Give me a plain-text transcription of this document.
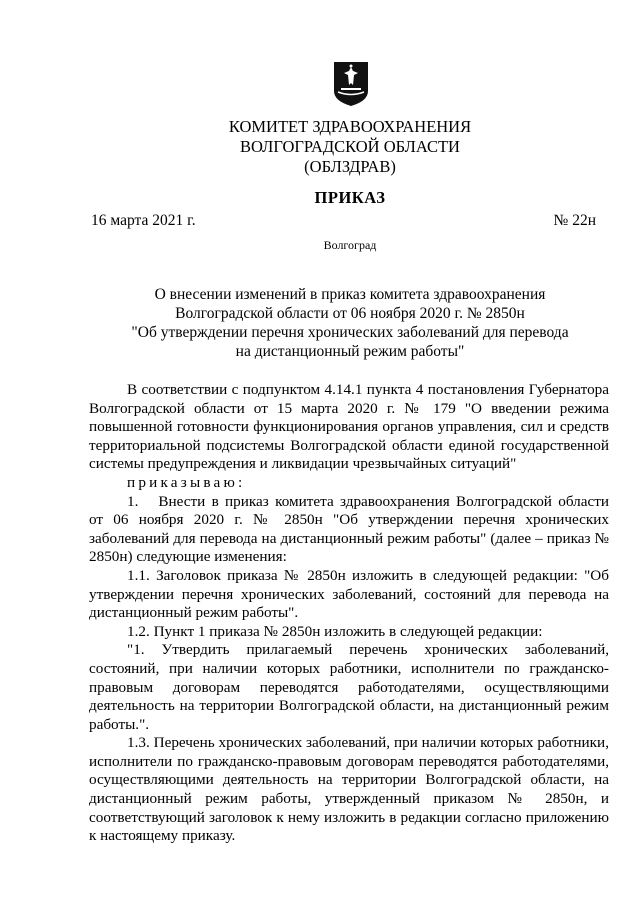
КОМИТЕТ ЗДРАВООХРАНЕНИЯ
ВОЛГОГРАДСКОЙ ОБЛАСТИ
(ОБЛЗДРАВ)
ПРИКАЗ
16 марта 2021 г.	№ 22н
Волгоград
О внесении изменений в приказ комитета здравоохранения
Волгоградской области от 06 ноября 2020 г. № 2850н
"Об утверждении перечня хронических заболеваний для перевода
на дистанционный режим работы"

В соответствии с подпунктом 4.14.1 пункта 4 постановления Губернатора Волгоградской области от 15 марта 2020 г. № 179 "О введении режима повышенной готовности функционирования органов управления, сил и средств территориальной подсистемы Волгоградской области единой государственной системы предупреждения и ликвидации чрезвычайных ситуаций"

приказываю:

1. Внести в приказ комитета здравоохранения Волгоградской области от 06 ноября 2020 г. № 2850н "Об утверждении перечня хронических заболеваний для перевода на дистанционный режим работы" (далее – приказ № 2850н) следующие изменения:

1.1. Заголовок приказа № 2850н изложить в следующей редакции: "Об утверждении перечня хронических заболеваний, состояний для перевода на дистанционный режим работы".

1.2. Пункт 1 приказа № 2850н изложить в следующей редакции:

"1. Утвердить прилагаемый перечень хронических заболеваний, состояний, при наличии которых работники, исполнители по гражданско-правовым договорам переводятся работодателями, осуществляющими деятельность на территории Волгоградской области, на дистанционный режим работы.".

1.3. Перечень хронических заболеваний, при наличии которых работники, исполнители по гражданско-правовым договорам переводятся работодателями, осуществляющими деятельность на территории Волгоградской области, на дистанционный режим работы, утвержденный приказом № 2850н, и соответствующий заголовок к нему изложить в редакции согласно приложению к настоящему приказу.
